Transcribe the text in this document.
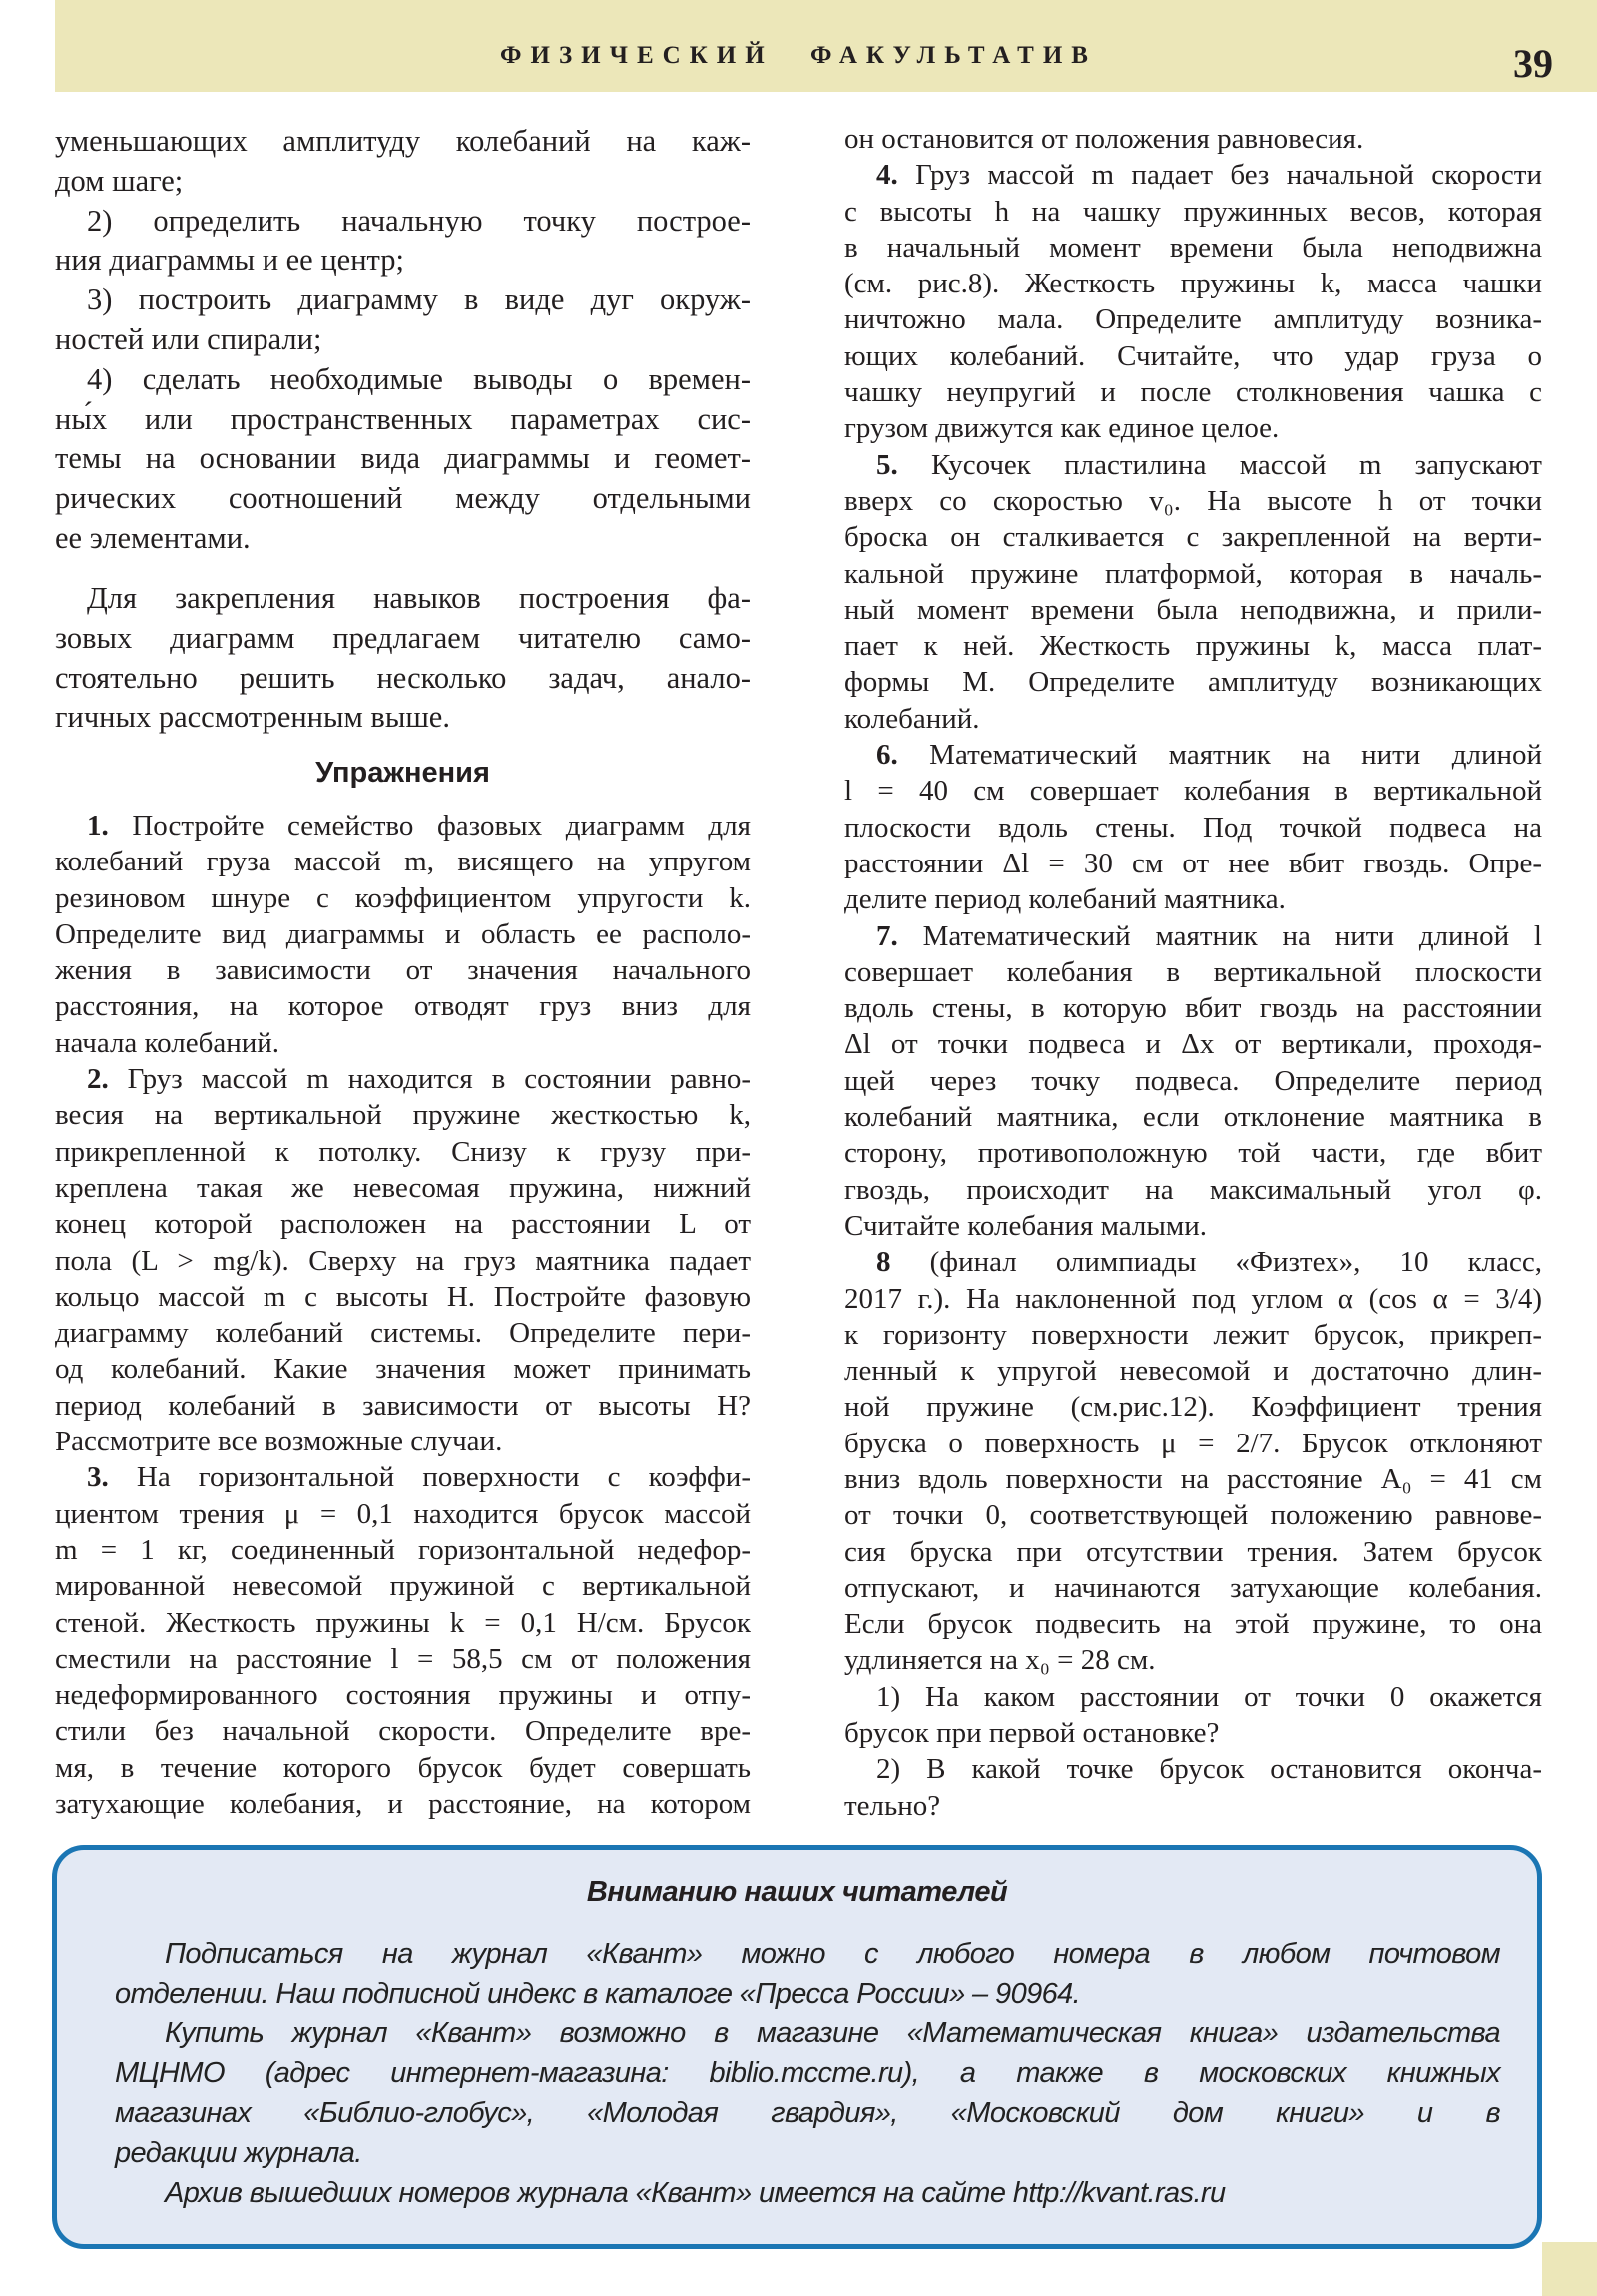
ФИЗИЧЕСКИЙ ФАКУЛЬТАТИВ	39
уменьшающих амплитуду колебаний на каж-
дом шаге;
2) определить начальную точку построе-
ния диаграммы и ее центр;
3) построить диаграмму в виде дуг окруж-
ностей или спирали;
4) сделать необходимые выводы о времен-
ны́х или пространственных параметрах сис-
темы на основании вида диаграммы и геомет-
рических соотношений между отдельными
ее элементами.
Для закрепления навыков построения фа-
зовых диаграмм предлагаем читателю само-
стоятельно решить несколько задач, анало-
гичных рассмотренным выше.
Упражнения
1. Постройте семейство фазовых диаграмм для
колебаний груза массой m, висящего на упругом
резиновом шнуре с коэффициентом упругости k.
Определите вид диаграммы и область ее располо-
жения в зависимости от значения начального
расстояния, на которое отводят груз вниз для
начала колебаний.
2. Груз массой m находится в состоянии равно-
весия на вертикальной пружине жесткостью k,
прикрепленной к потолку. Снизу к грузу при-
креплена такая же невесомая пружина, нижний
конец которой расположен на расстоянии L от
пола (L > mg/k). Сверху на груз маятника падает
кольцо массой m с высоты H. Постройте фазовую
диаграмму колебаний системы. Определите пери-
од колебаний. Какие значения может принимать
период колебаний в зависимости от высоты H?
Рассмотрите все возможные случаи.
3. На горизонтальной поверхности с коэффи-
циентом трения μ = 0,1 находится брусок массой
m = 1 кг, соединенный горизонтальной недефор-
мированной невесомой пружиной с вертикальной
стеной. Жесткость пружины k = 0,1 Н/см. Брусок
сместили на расстояние l = 58,5 см от положения
недеформированного состояния пружины и отпу-
стили без начальной скорости. Определите вре-
мя, в течение которого брусок будет совершать
затухающие колебания, и расстояние, на котором
он остановится от положения равновесия.
4. Груз массой m падает без начальной скорости
с высоты h на чашку пружинных весов, которая
в начальный момент времени была неподвижна
(см. рис.8). Жесткость пружины k, масса чашки
ничтожно мала. Определите амплитуду возника-
ющих колебаний. Считайте, что удар груза о
чашку неупругий и после столкновения чашка с
грузом движутся как единое целое.
5. Кусочек пластилина массой m запускают
вверх со скоростью v₀. На высоте h от точки
броска он сталкивается с закрепленной на верти-
кальной пружине платформой, которая в началь-
ный момент времени была неподвижна, и прили-
пает к ней. Жесткость пружины k, масса плат-
формы M. Определите амплитуду возникающих
колебаний.
6. Математический маятник на нити длиной
l = 40 см совершает колебания в вертикальной
плоскости вдоль стены. Под точкой подвеса на
расстоянии Δl = 30 см от нее вбит гвоздь. Опре-
делите период колебаний маятника.
7. Математический маятник на нити длиной l
совершает колебания в вертикальной плоскости
вдоль стены, в которую вбит гвоздь на расстоянии
Δl от точки подвеса и Δx от вертикали, проходя-
щей через точку подвеса. Определите период
колебаний маятника, если отклонение маятника в
сторону, противоположную той части, где вбит
гвоздь, происходит на максимальный угол φ.
Считайте колебания малыми.
8 (финал олимпиады «Физтех», 10 класс,
2017 г.). На наклоненной под углом α (cos α = 3/4)
к горизонту поверхности лежит брусок, прикреп-
ленный к упругой невесомой и достаточно длин-
ной пружине (см.рис.12). Коэффициент трения
бруска о поверхность μ = 2/7. Брусок отклоняют
вниз вдоль поверхности на расстояние A₀ = 41 см
от точки 0, соответствующей положению равнове-
сия бруска при отсутствии трения. Затем брусок
отпускают, и начинаются затухающие колебания.
Если брусок подвесить на этой пружине, то она
удлиняется на x₀ = 28 см.
1) На каком расстоянии от точки 0 окажется
брусок при первой остановке?
2) В какой точке брусок остановится оконча-
тельно?
Вниманию наших читателей
Подписаться на журнал «Квант» можно с любого номера в любом почтовом
отделении. Наш подписной индекс в каталоге «Пресса России» – 90964.
Купить журнал «Квант» возможно в магазине «Математическая книга» издательства
МЦНМО (адрес интернет-магазина: biblio.mccme.ru), а также в московских книжных
магазинах «Библио-глобус», «Молодая гвардия», «Московский дом книги» и в
редакции журнала.
Архив вышедших номеров журнала «Квант» имеется на сайте http://kvant.ras.ru
